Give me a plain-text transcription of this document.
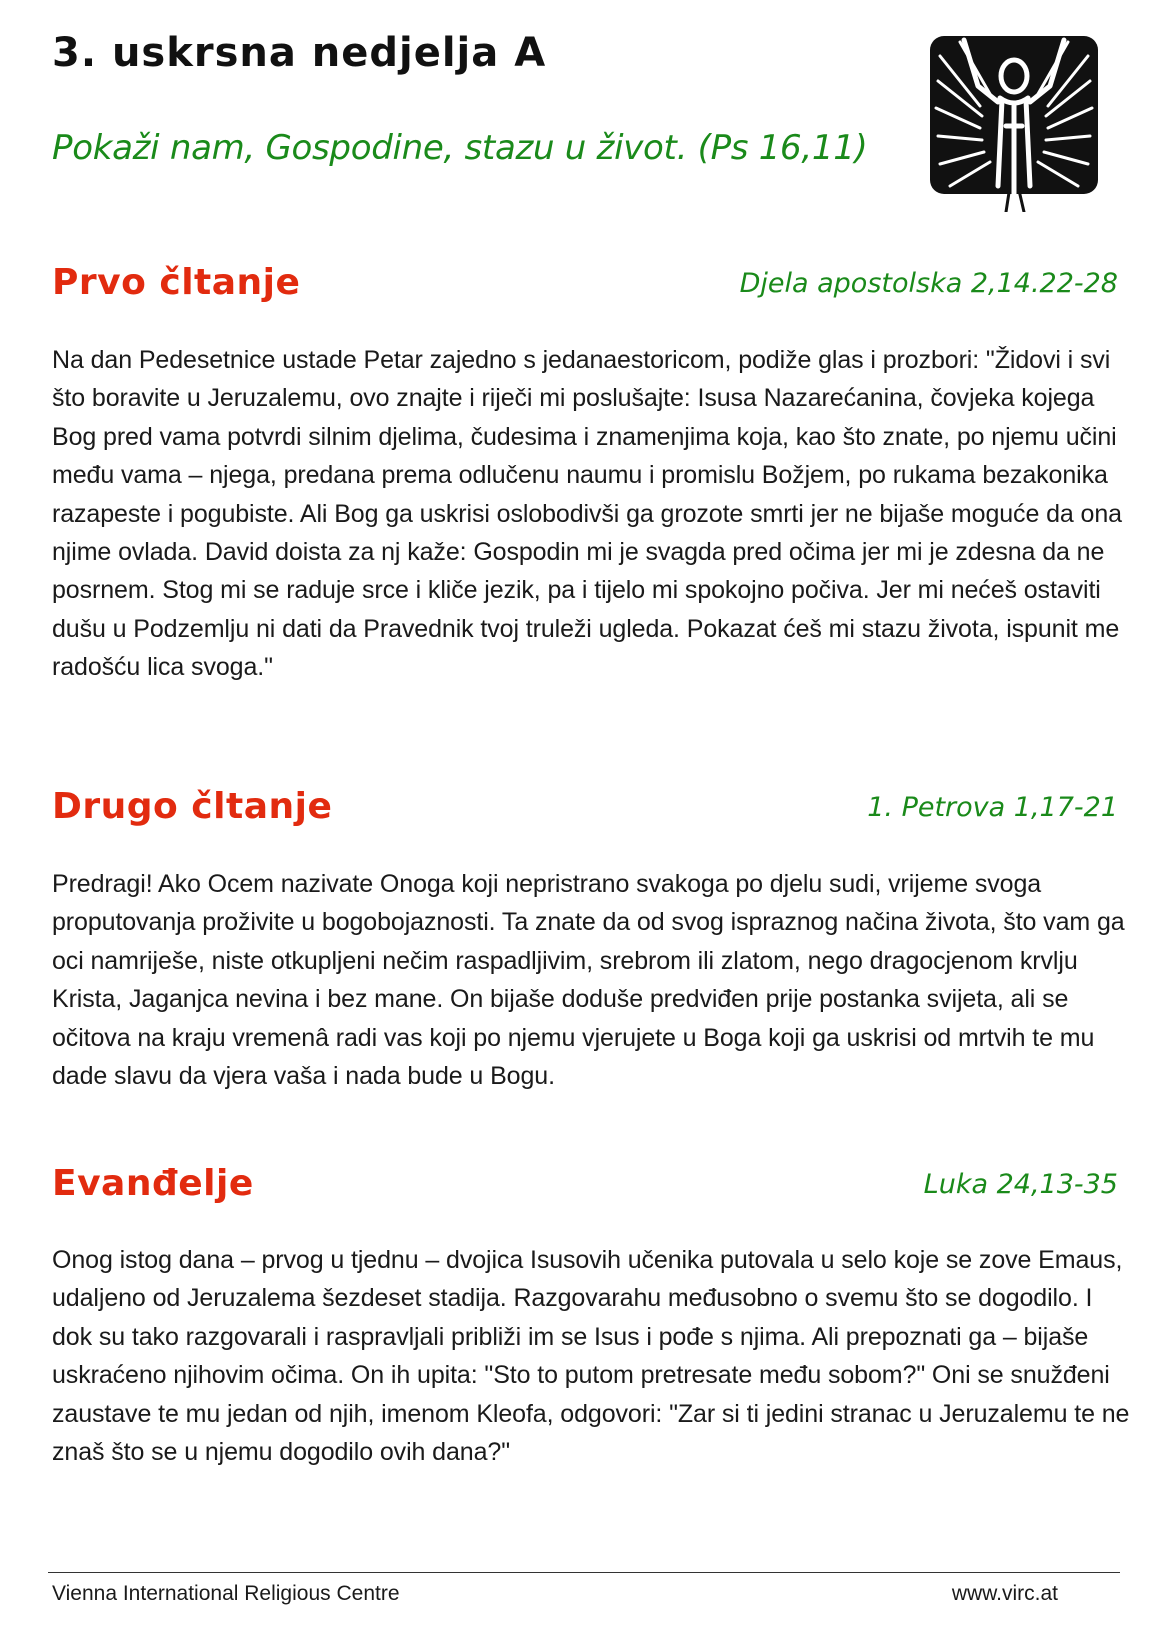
3. uskrsna nedjelja A

Pokaži nam, Gospodine, stazu u život. (Ps 16,11)

Prvo čltanje	Djela apostolska 2,14.22-28

Na dan Pedesetnice ustade Petar zajedno s jedanaestoricom, podiže glas i prozbori: "Židovi i svi što boravite u Jeruzalemu, ovo znajte i riječi mi poslušajte: Isusa Nazarećanina, čovjeka kojega Bog pred vama potvrdi silnim djelima, čudesima i znamenjima koja, kao što znate, po njemu učini među vama – njega, predana prema odlučenu naumu i promislu Božjem, po rukama bezakonika razapeste i pogubiste. Ali Bog ga uskrisi oslobodivši ga grozote smrti jer ne bijaše moguće da ona njime ovlada. David doista za nj kaže: Gospodin mi je svagda pred očima jer mi je zdesna da ne posrnem. Stog mi se raduje srce i kliče jezik, pa i tijelo mi spokojno počiva. Jer mi nećeš ostaviti dušu u Podzemlju ni dati da Pravednik tvoj truleži ugleda. Pokazat ćeš mi stazu života, ispunit me radošću lica svoga."

Drugo čltanje	1. Petrova 1,17-21

Predragi! Ako Ocem nazivate Onoga koji nepristrano svakoga po djelu sudi, vrijeme svoga proputovanja proživite u bogobojaznosti. Ta znate da od svog ispraznog načina života, što vam ga oci namriješe, niste otkupljeni nečim raspadljivim, srebrom ili zlatom, nego dragocjenom krvlju Krista, Jaganjca nevina i bez mane. On bijaše doduše predviđen prije postanka svijeta, ali se očitova na kraju vremenâ radi vas koji po njemu vjerujete u Boga koji ga uskrisi od mrtvih te mu dade slavu da vjera vaša i nada bude u Bogu.

Evanđelje	Luka 24,13-35

Onog istog dana – prvog u tjednu – dvojica Isusovih učenika putovala u selo koje se zove Emaus, udaljeno od Jeruzalema šezdeset stadija. Razgovarahu međusobno o svemu što se dogodilo. I dok su tako razgovarali i raspravljali približi im se Isus i pođe s njima. Ali prepoznati ga – bijaše uskraćeno njihovim očima. On ih upita: "Sto to putom pretresate među sobom?" Oni se snužđeni zaustave te mu jedan od njih, imenom Kleofa, odgovori: "Zar si ti jedini stranac u Jeruzalemu te ne znaš što se u njemu dogodilo ovih dana?"

Vienna International Religious Centre	www.virc.at
